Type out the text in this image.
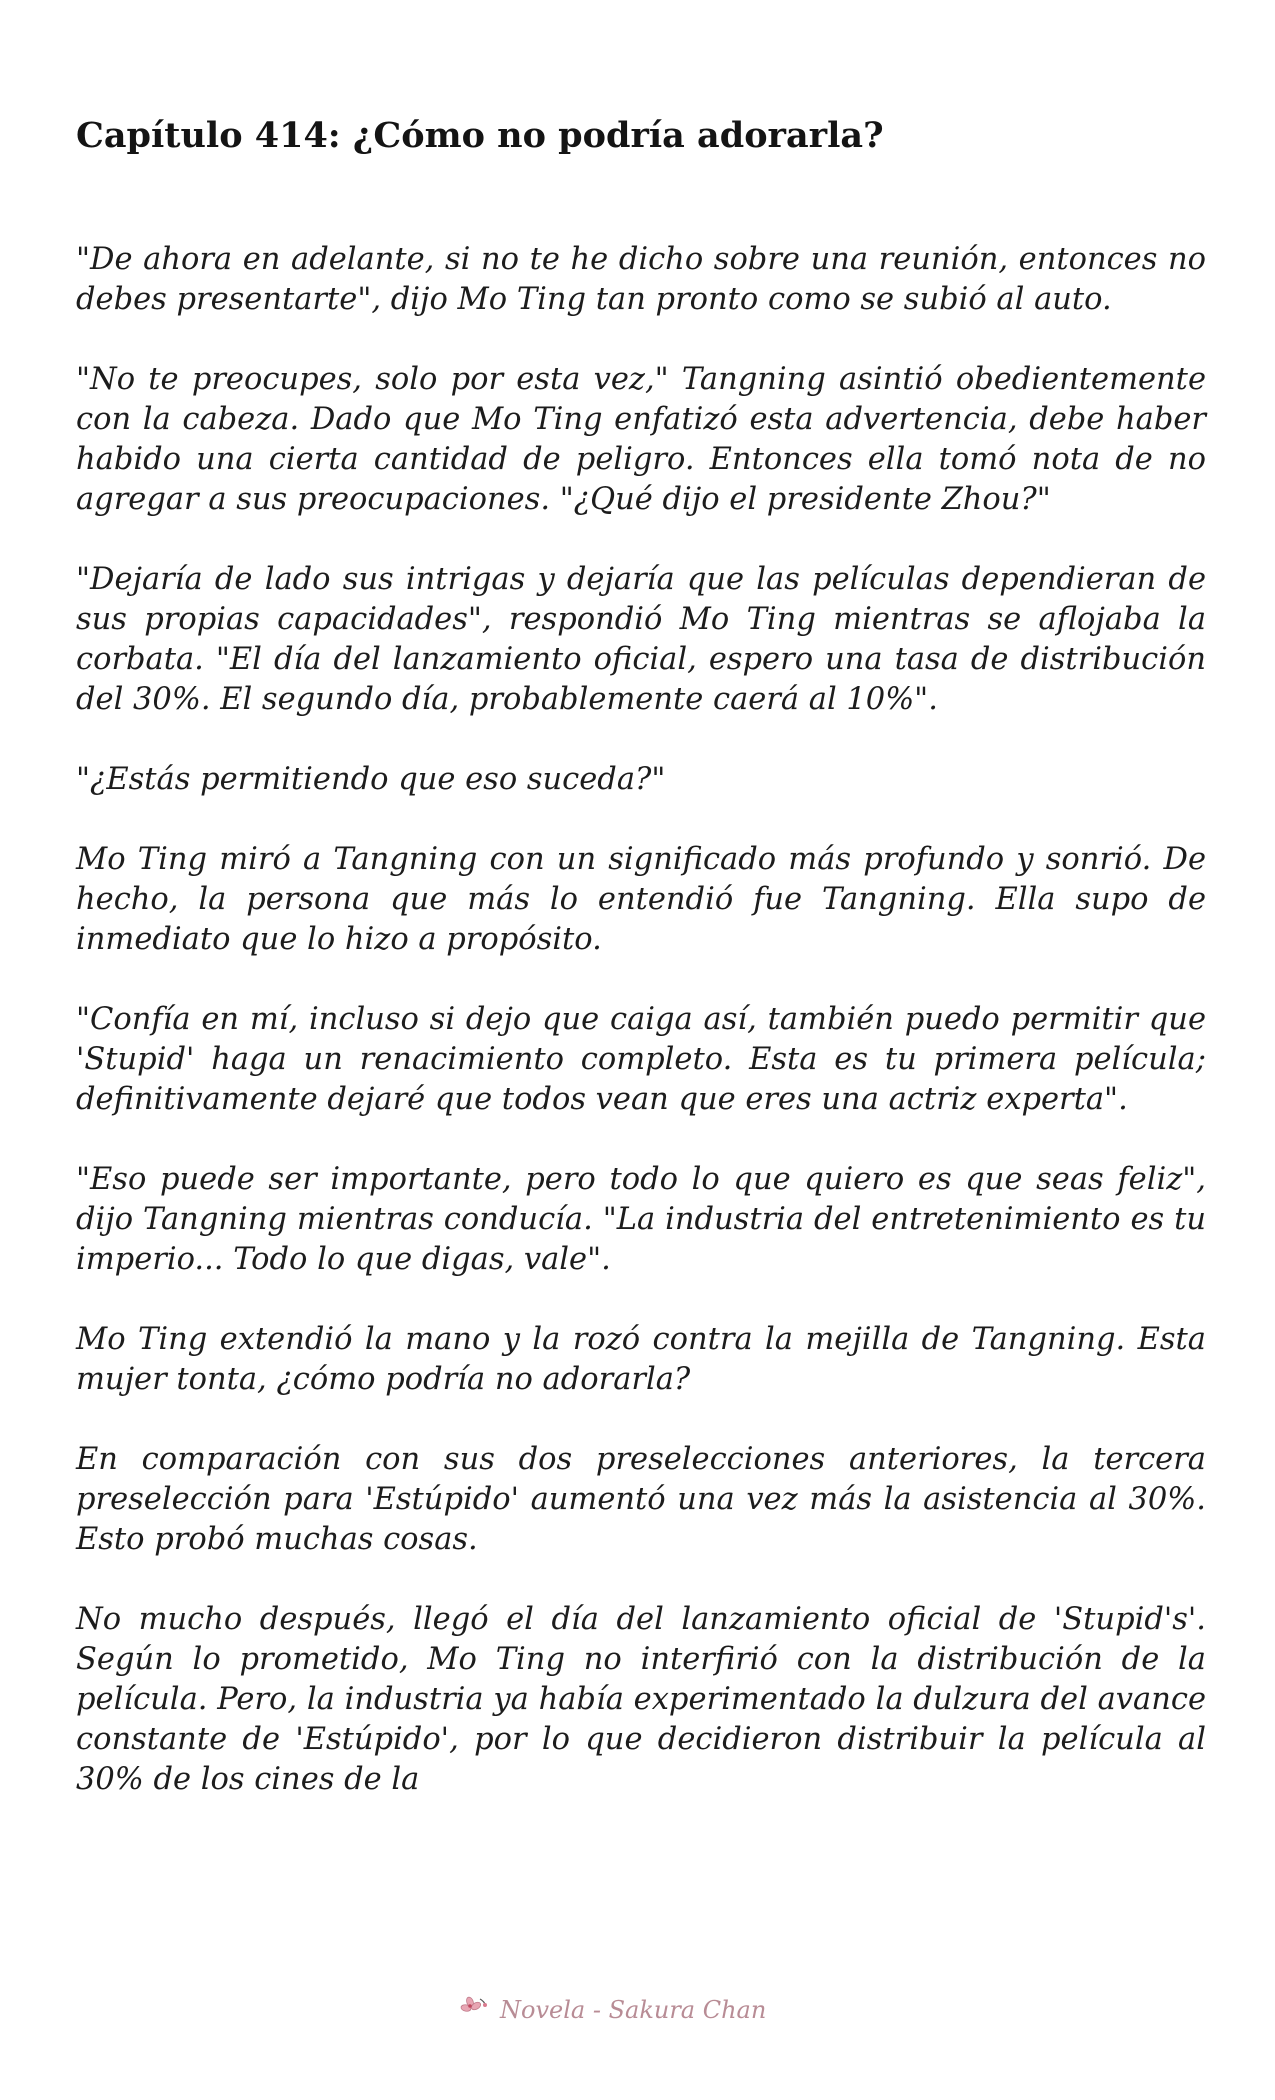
Capítulo 414: ¿Cómo no podría adorarla?

"De ahora en adelante, si no te he dicho sobre una reunión, entonces no debes presentarte", dijo Mo Ting tan pronto como se subió al auto.

"No te preocupes, solo por esta vez," Tangning asintió obedientemente con la cabeza. Dado que Mo Ting enfatizó esta advertencia, debe haber habido una cierta cantidad de peligro. Entonces ella tomó nota de no agregar a sus preocupaciones. "¿Qué dijo el presidente Zhou?"

"Dejaría de lado sus intrigas y dejaría que las películas dependieran de sus propias capacidades", respondió Mo Ting mientras se aflojaba la corbata. "El día del lanzamiento oficial, espero una tasa de distribución del 30%. El segundo día, probablemente caerá al 10%".

"¿Estás permitiendo que eso suceda?"

Mo Ting miró a Tangning con un significado más profundo y sonrió. De hecho, la persona que más lo entendió fue Tangning. Ella supo de inmediato que lo hizo a propósito.

"Confía en mí, incluso si dejo que caiga así, también puedo permitir que 'Stupid' haga un renacimiento completo. Esta es tu primera película; definitivamente dejaré que todos vean que eres una actriz experta".

"Eso puede ser importante, pero todo lo que quiero es que seas feliz", dijo Tangning mientras conducía. "La industria del entretenimiento es tu imperio... Todo lo que digas, vale".

Mo Ting extendió la mano y la rozó contra la mejilla de Tangning. Esta mujer tonta, ¿cómo podría no adorarla?

En comparación con sus dos preselecciones anteriores, la tercera preselección para 'Estúpido' aumentó una vez más la asistencia al 30%. Esto probó muchas cosas.

No mucho después, llegó el día del lanzamiento oficial de 'Stupid's'. Según lo prometido, Mo Ting no interfirió con la distribución de la película. Pero, la industria ya había experimentado la dulzura del avance constante de 'Estúpido', por lo que decidieron distribuir la película al 30% de los cines de la

Novela - Sakura Chan
